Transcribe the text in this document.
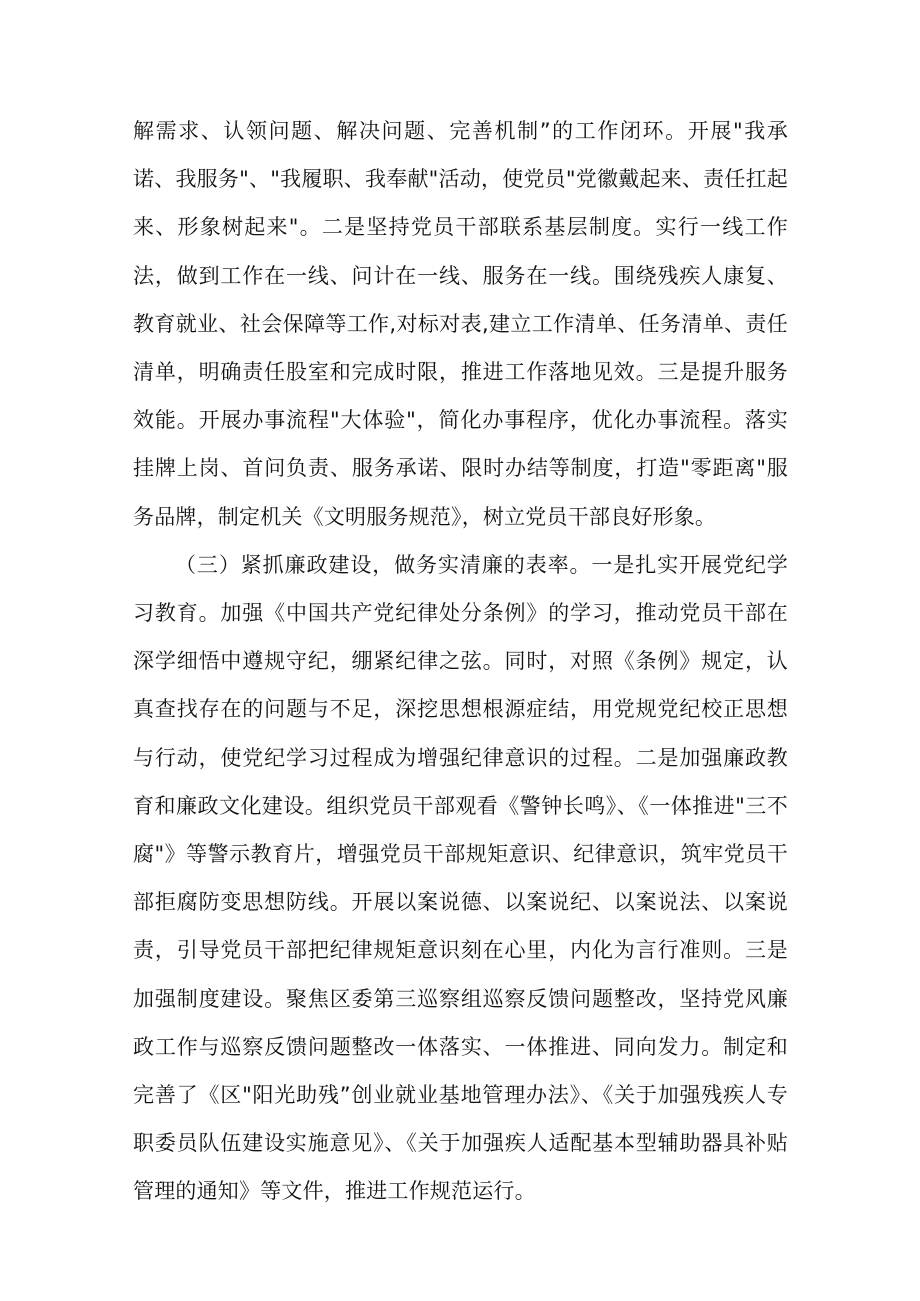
解需求、认领问题、解决问题、完善机制”的工作闭环。开展"我承诺、我服务"、"我履职、我奉献"活动，使党员"党徽戴起来、责任扛起来、形象树起来"。二是坚持党员干部联系基层制度。实行一线工作法，做到工作在一线、问计在一线、服务在一线。围绕残疾人康复、教育就业、社会保障等工作,对标对表,建立工作清单、任务清单、责任清单，明确责任股室和完成时限，推进工作落地见效。三是提升服务效能。开展办事流程"大体验"，简化办事程序，优化办事流程。落实挂牌上岗、首问负责、服务承诺、限时办结等制度，打造"零距离"服务品牌，制定机关《文明服务规范》，树立党员干部良好形象。

（三）紧抓廉政建设，做务实清廉的表率。一是扎实开展党纪学习教育。加强《中国共产党纪律处分条例》的学习，推动党员干部在深学细悟中遵规守纪，绷紧纪律之弦。同时，对照《条例》规定，认真查找存在的问题与不足，深挖思想根源症结，用党规党纪校正思想与行动，使党纪学习过程成为增强纪律意识的过程。二是加强廉政教育和廉政文化建设。组织党员干部观看《警钟长鸣》、《一体推进"三不腐"》等警示教育片，增强党员干部规矩意识、纪律意识，筑牢党员干部拒腐防变思想防线。开展以案说德、以案说纪、以案说法、以案说责，引导党员干部把纪律规矩意识刻在心里，内化为言行准则。三是加强制度建设。聚焦区委第三巡察组巡察反馈问题整改，坚持党风廉政工作与巡察反馈问题整改一体落实、一体推进、同向发力。制定和完善了《区"阳光助残”创业就业基地管理办法》、《关于加强残疾人专职委员队伍建设实施意见》、《关于加强疾人适配基本型辅助器具补贴管理的通知》等文件，推进工作规范运行。
